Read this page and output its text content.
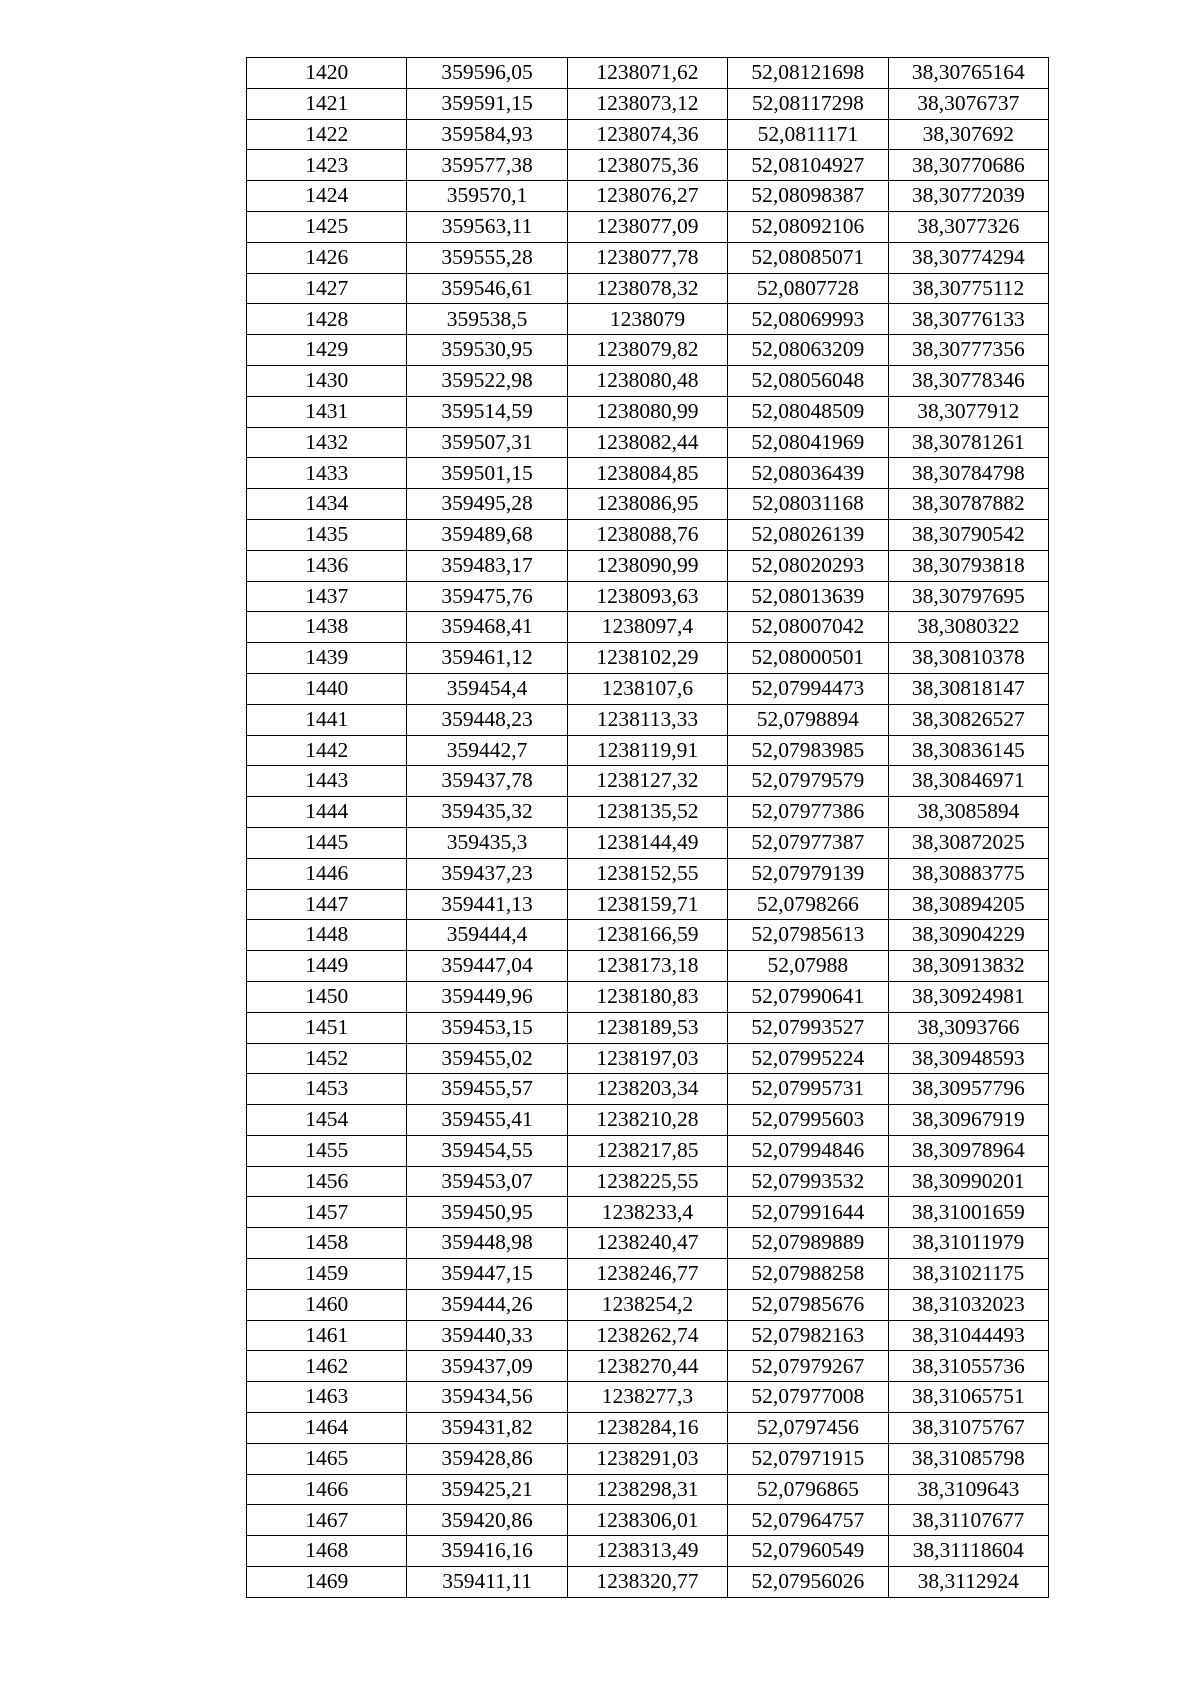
1420	359596,05	1238071,62	52,08121698	38,30765164
1421	359591,15	1238073,12	52,08117298	38,3076737
1422	359584,93	1238074,36	52,0811171	38,307692
1423	359577,38	1238075,36	52,08104927	38,30770686
1424	359570,1	1238076,27	52,08098387	38,30772039
1425	359563,11	1238077,09	52,08092106	38,3077326
1426	359555,28	1238077,78	52,08085071	38,30774294
1427	359546,61	1238078,32	52,0807728	38,30775112
1428	359538,5	1238079	52,08069993	38,30776133
1429	359530,95	1238079,82	52,08063209	38,30777356
1430	359522,98	1238080,48	52,08056048	38,30778346
1431	359514,59	1238080,99	52,08048509	38,3077912
1432	359507,31	1238082,44	52,08041969	38,30781261
1433	359501,15	1238084,85	52,08036439	38,30784798
1434	359495,28	1238086,95	52,08031168	38,30787882
1435	359489,68	1238088,76	52,08026139	38,30790542
1436	359483,17	1238090,99	52,08020293	38,30793818
1437	359475,76	1238093,63	52,08013639	38,30797695
1438	359468,41	1238097,4	52,08007042	38,3080322
1439	359461,12	1238102,29	52,08000501	38,30810378
1440	359454,4	1238107,6	52,07994473	38,30818147
1441	359448,23	1238113,33	52,0798894	38,30826527
1442	359442,7	1238119,91	52,07983985	38,30836145
1443	359437,78	1238127,32	52,07979579	38,30846971
1444	359435,32	1238135,52	52,07977386	38,3085894
1445	359435,3	1238144,49	52,07977387	38,30872025
1446	359437,23	1238152,55	52,07979139	38,30883775
1447	359441,13	1238159,71	52,0798266	38,30894205
1448	359444,4	1238166,59	52,07985613	38,30904229
1449	359447,04	1238173,18	52,07988	38,30913832
1450	359449,96	1238180,83	52,07990641	38,30924981
1451	359453,15	1238189,53	52,07993527	38,3093766
1452	359455,02	1238197,03	52,07995224	38,30948593
1453	359455,57	1238203,34	52,07995731	38,30957796
1454	359455,41	1238210,28	52,07995603	38,30967919
1455	359454,55	1238217,85	52,07994846	38,30978964
1456	359453,07	1238225,55	52,07993532	38,30990201
1457	359450,95	1238233,4	52,07991644	38,31001659
1458	359448,98	1238240,47	52,07989889	38,31011979
1459	359447,15	1238246,77	52,07988258	38,31021175
1460	359444,26	1238254,2	52,07985676	38,31032023
1461	359440,33	1238262,74	52,07982163	38,31044493
1462	359437,09	1238270,44	52,07979267	38,31055736
1463	359434,56	1238277,3	52,07977008	38,31065751
1464	359431,82	1238284,16	52,0797456	38,31075767
1465	359428,86	1238291,03	52,07971915	38,31085798
1466	359425,21	1238298,31	52,0796865	38,3109643
1467	359420,86	1238306,01	52,07964757	38,31107677
1468	359416,16	1238313,49	52,07960549	38,31118604
1469	359411,11	1238320,77	52,07956026	38,3112924
